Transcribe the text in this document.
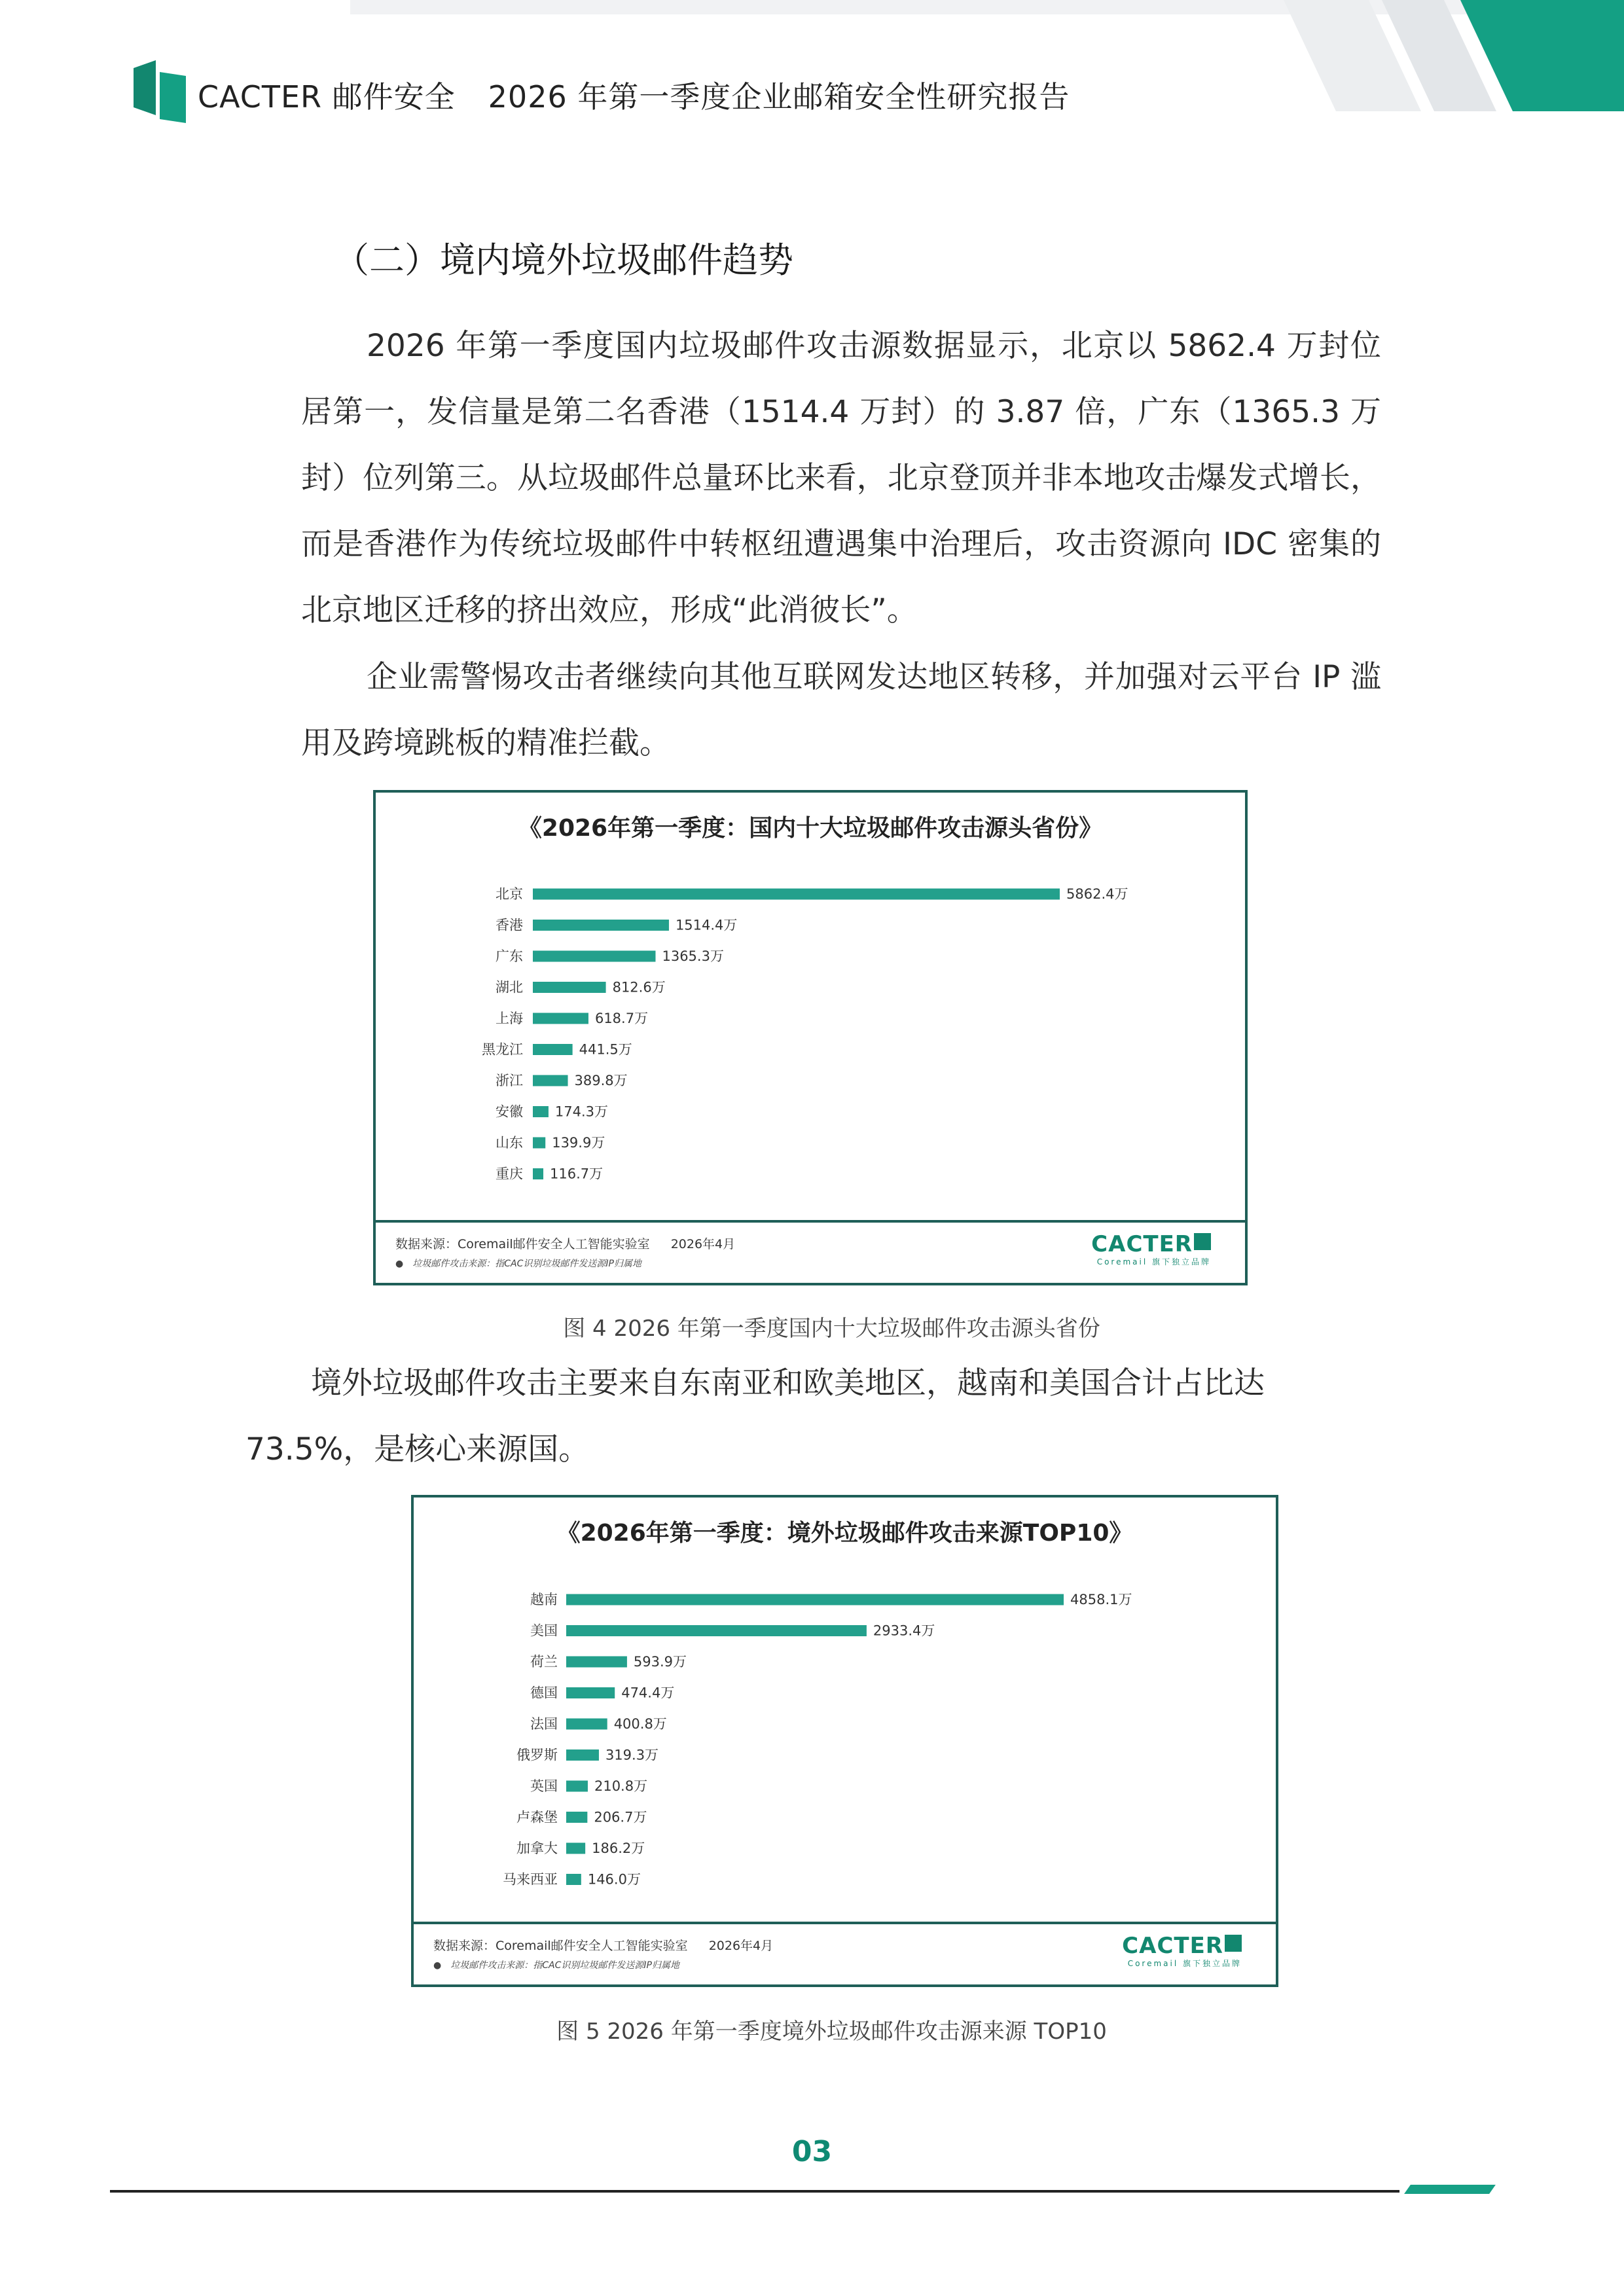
CACTER 邮件安全 2026 年第一季度企业邮箱安全性研究报告
（二）境内境外垃圾邮件趋势

2026 年第一季度国内垃圾邮件攻击源数据显示，北京以 5862.4 万封位居第一，发信量是第二名香港（1514.4 万封）的 3.87 倍，广东（1365.3 万封）位列第三。从垃圾邮件总量环比来看，北京登顶并非本地攻击爆发式增长，而是香港作为传统垃圾邮件中转枢纽遭遇集中治理后，攻击资源向 IDC 密集的北京地区迁移的挤出效应，形成“此消彼长”。

企业需警惕攻击者继续向其他互联网发达地区转移，并加强对云平台 IP 滥用及跨境跳板的精准拦截。

《2026年第一季度：国内十大垃圾邮件攻击源头省份》
北京	5862.4万
香港	1514.4万
广东	1365.3万
湖北	812.6万
上海	618.7万
黑龙江	441.5万
浙江	389.8万
安徽 174.3万
山东 139.9万
重庆 116.7万
数据来源：Coremail邮件安全人工智能实验室 2026年4月
● 垃圾邮件攻击来源：指CAC识别垃圾邮件发送源IP归属地
CACTER
Coremail 旗下独立品牌
图 4 2026 年第一季度国内十大垃圾邮件攻击源头省份

境外垃圾邮件攻击主要来自东南亚和欧美地区，越南和美国合计占比达 73.5%，是核心来源国。

《2026年第一季度：境外垃圾邮件攻击来源TOP10》
越南	4858.1万
美国	2933.4万
荷兰	593.9万
德国	474.4万
法国	400.8万
俄罗斯	319.3万
英国	210.8万
卢森堡	206.7万
加拿大 186.2万
马来西亚 146.0万
数据来源：Coremail邮件安全人工智能实验室 2026年4月
● 垃圾邮件攻击来源：指CAC识别垃圾邮件发送源IP归属地
CACTER
Coremail 旗下独立品牌
图 5 2026 年第一季度境外垃圾邮件攻击源来源 TOP10
03
